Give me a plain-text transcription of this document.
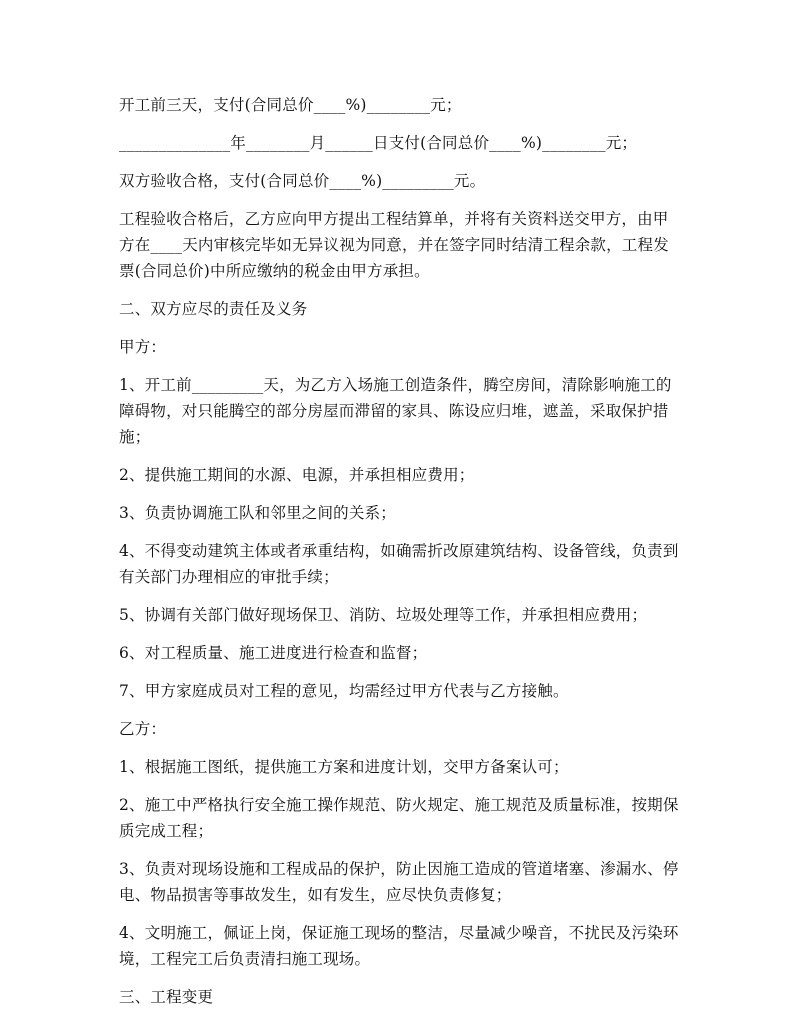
开工前三天，支付(合同总价____%)________元；

______________年________月______日支付(合同总价____%)________元；

双方验收合格，支付(合同总价____%)_________元。

工程验收合格后，乙方应向甲方提出工程结算单，并将有关资料送交甲方，由甲方在____天内审核完毕如无异议视为同意，并在签字同时结清工程余款，工程发票(合同总价)中所应缴纳的税金由甲方承担。

二、双方应尽的责任及义务

甲方：

1、开工前_________天，为乙方入场施工创造条件，腾空房间，清除影响施工的障碍物，对只能腾空的部分房屋而滞留的家具、陈设应归堆，遮盖，采取保护措施；

2、提供施工期间的水源、电源，并承担相应费用；

3、负责协调施工队和邻里之间的关系；

4、不得变动建筑主体或者承重结构，如确需折改原建筑结构、设备管线，负责到有关部门办理相应的审批手续；

5、协调有关部门做好现场保卫、消防、垃圾处理等工作，并承担相应费用；

6、对工程质量、施工进度进行检查和监督；

7、甲方家庭成员对工程的意见，均需经过甲方代表与乙方接触。

乙方：

1、根据施工图纸，提供施工方案和进度计划，交甲方备案认可；

2、施工中严格执行安全施工操作规范、防火规定、施工规范及质量标准，按期保质完成工程；

3、负责对现场设施和工程成品的保护，防止因施工造成的管道堵塞、渗漏水、停电、物品损害等事故发生，如有发生，应尽快负责修复；

4、文明施工，佩证上岗，保证施工现场的整洁，尽量减少噪音，不扰民及污染环境，工程完工后负责清扫施工现场。

三、工程变更
